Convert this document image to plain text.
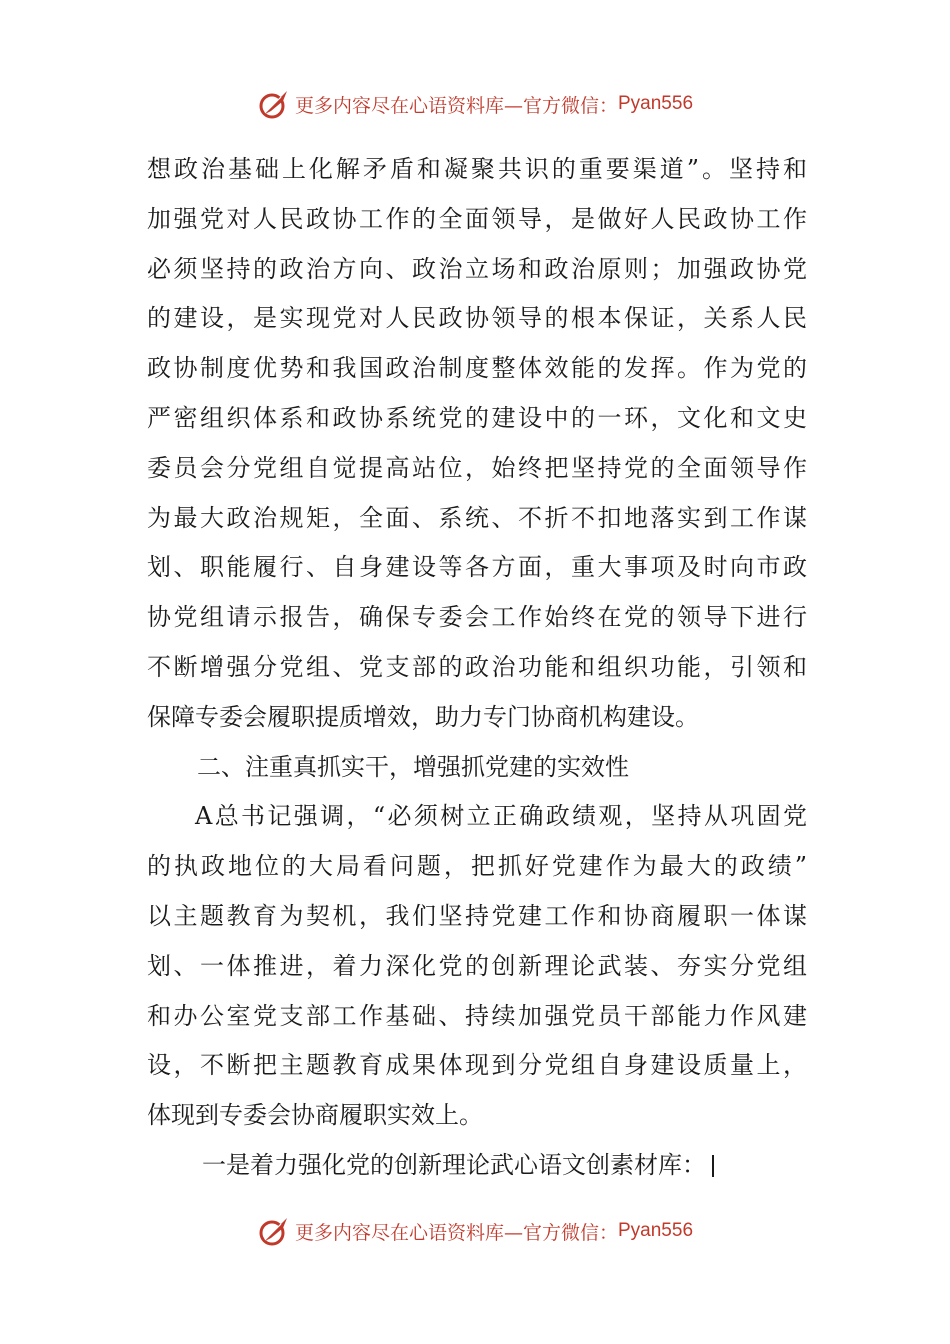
更多内容尽在心语资料库—官方微信： Pyan556
想政治基础上化解矛盾和凝聚共识的重要渠道”。坚持和
加强党对人民政协工作的全面领导，是做好人民政协工作
必须坚持的政治方向、政治立场和政治原则；加强政协党
的建设，是实现党对人民政协领导的根本保证，关系人民
政协制度优势和我国政治制度整体效能的发挥。作为党的
严密组织体系和政协系统党的建设中的一环，文化和文史
委员会分党组自觉提高站位，始终把坚持党的全面领导作
为最大政治规矩，全面、系统、不折不扣地落实到工作谋
划、职能履行、自身建设等各方面，重大事项及时向市政
协党组请示报告，确保专委会工作始终在党的领导下进行
不断增强分党组、党支部的政治功能和组织功能，引领和
保障专委会履职提质增效，助力专门协商机构建设。
二、注重真抓实干，增强抓党建的实效性
A总书记强调，“必须树立正确政绩观，坚持从巩固党
的执政地位的大局看问题，把抓好党建作为最大的政绩”
以主题教育为契机，我们坚持党建工作和协商履职一体谋
划、一体推进，着力深化党的创新理论武装、夯实分党组
和办公室党支部工作基础、持续加强党员干部能力作风建
设，不断把主题教育成果体现到分党组自身建设质量上，
体现到专委会协商履职实效上。
一是着力强化党的创新理论武心语文创素材库：
更多内容尽在心语资料库—官方微信： Pyan556
